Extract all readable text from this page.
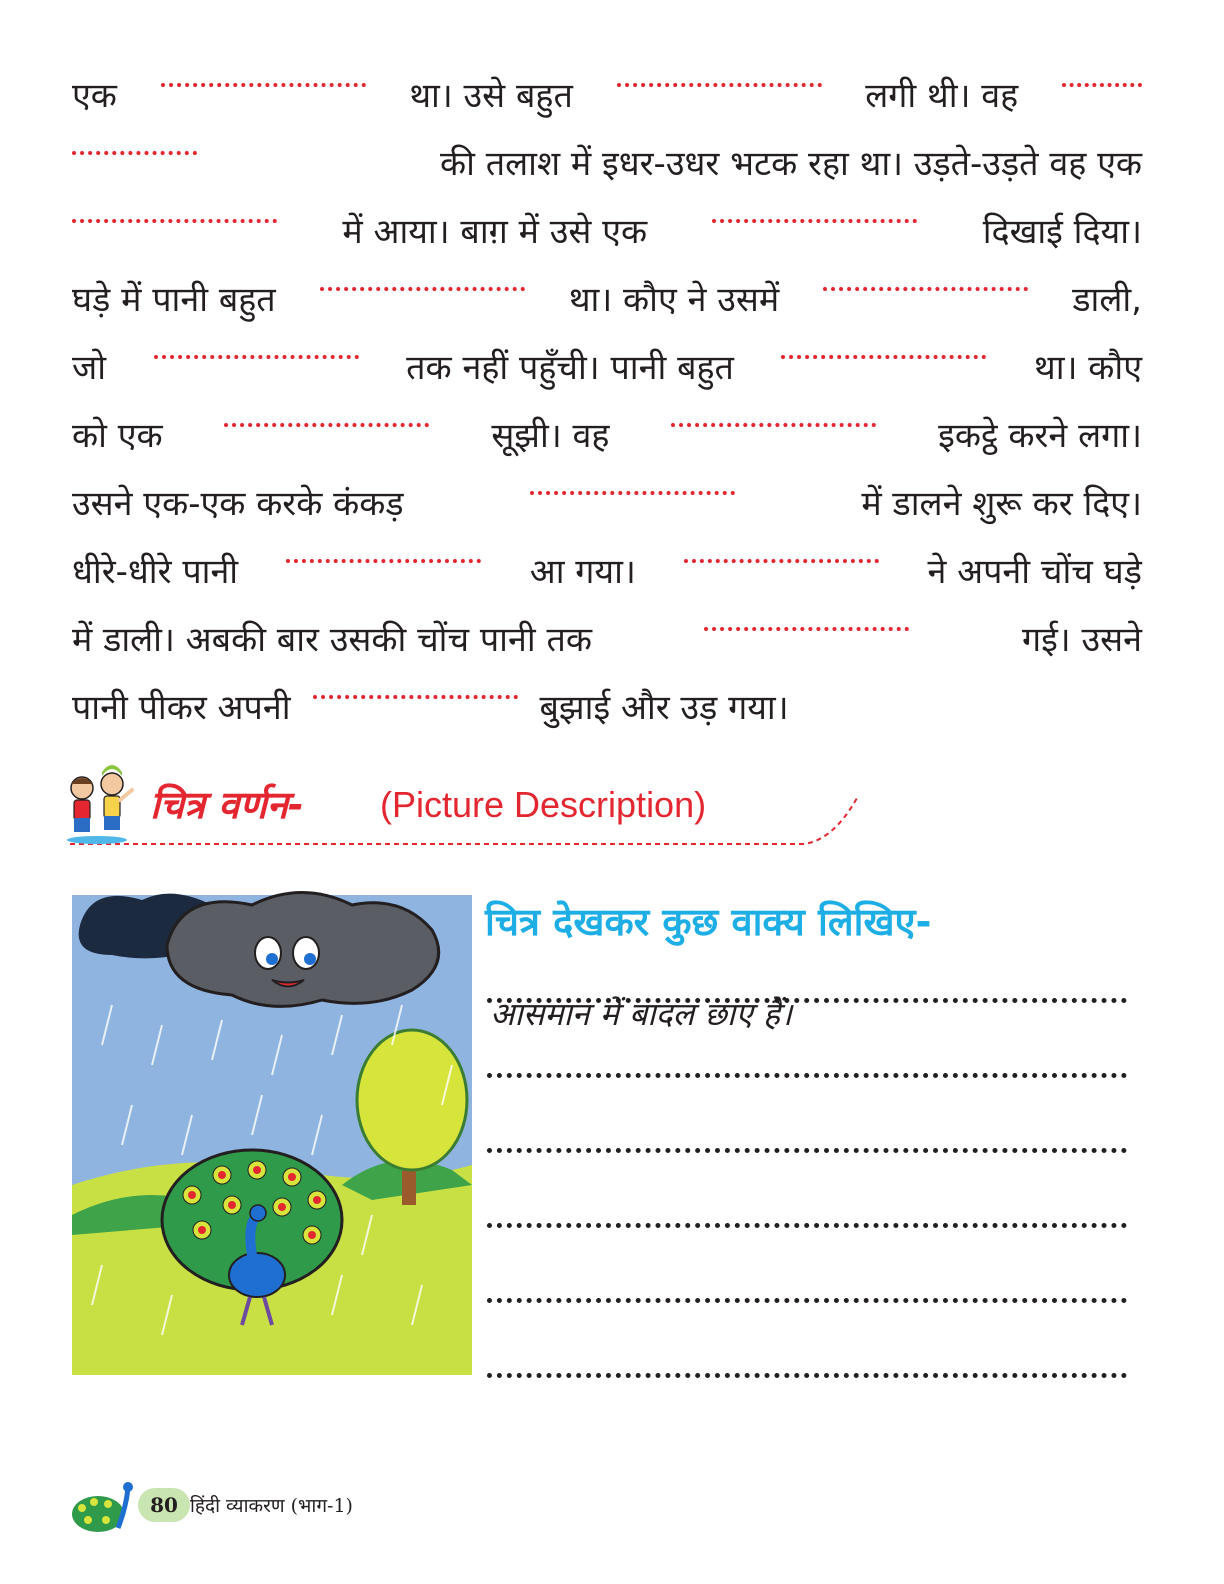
एक	था। उसे बहुत	लगी थी। वह
की तलाश में इधर-उधर भटक रहा था। उड़ते-उड़ते वह एक
में आया। बाग़ में उसे एक	दिखाई दिया।
घड़े में पानी बहुत	था। कौए ने उसमें	डाली,
जो	तक नहीं पहुँची। पानी बहुत	था। कौए
को एक	सूझी। वह	इकट्ठे करने लगा।
उसने एक-एक करके कंकड़	में डालने शुरू कर दिए।
धीरे-धीरे पानी	आ गया।	ने अपनी चोंच घड़े
में डाली। अबकी बार उसकी चोंच पानी तक	गई। उसने
पानी पीकर अपनी	बुझाई और उड़ गया।
चित्र वर्णन- (Picture Description)
चित्र देखकर कुछ वाक्य लिखिए-
आसमान में बादल छाए हैं।
80 हिंदी व्याकरण (भाग-1)
